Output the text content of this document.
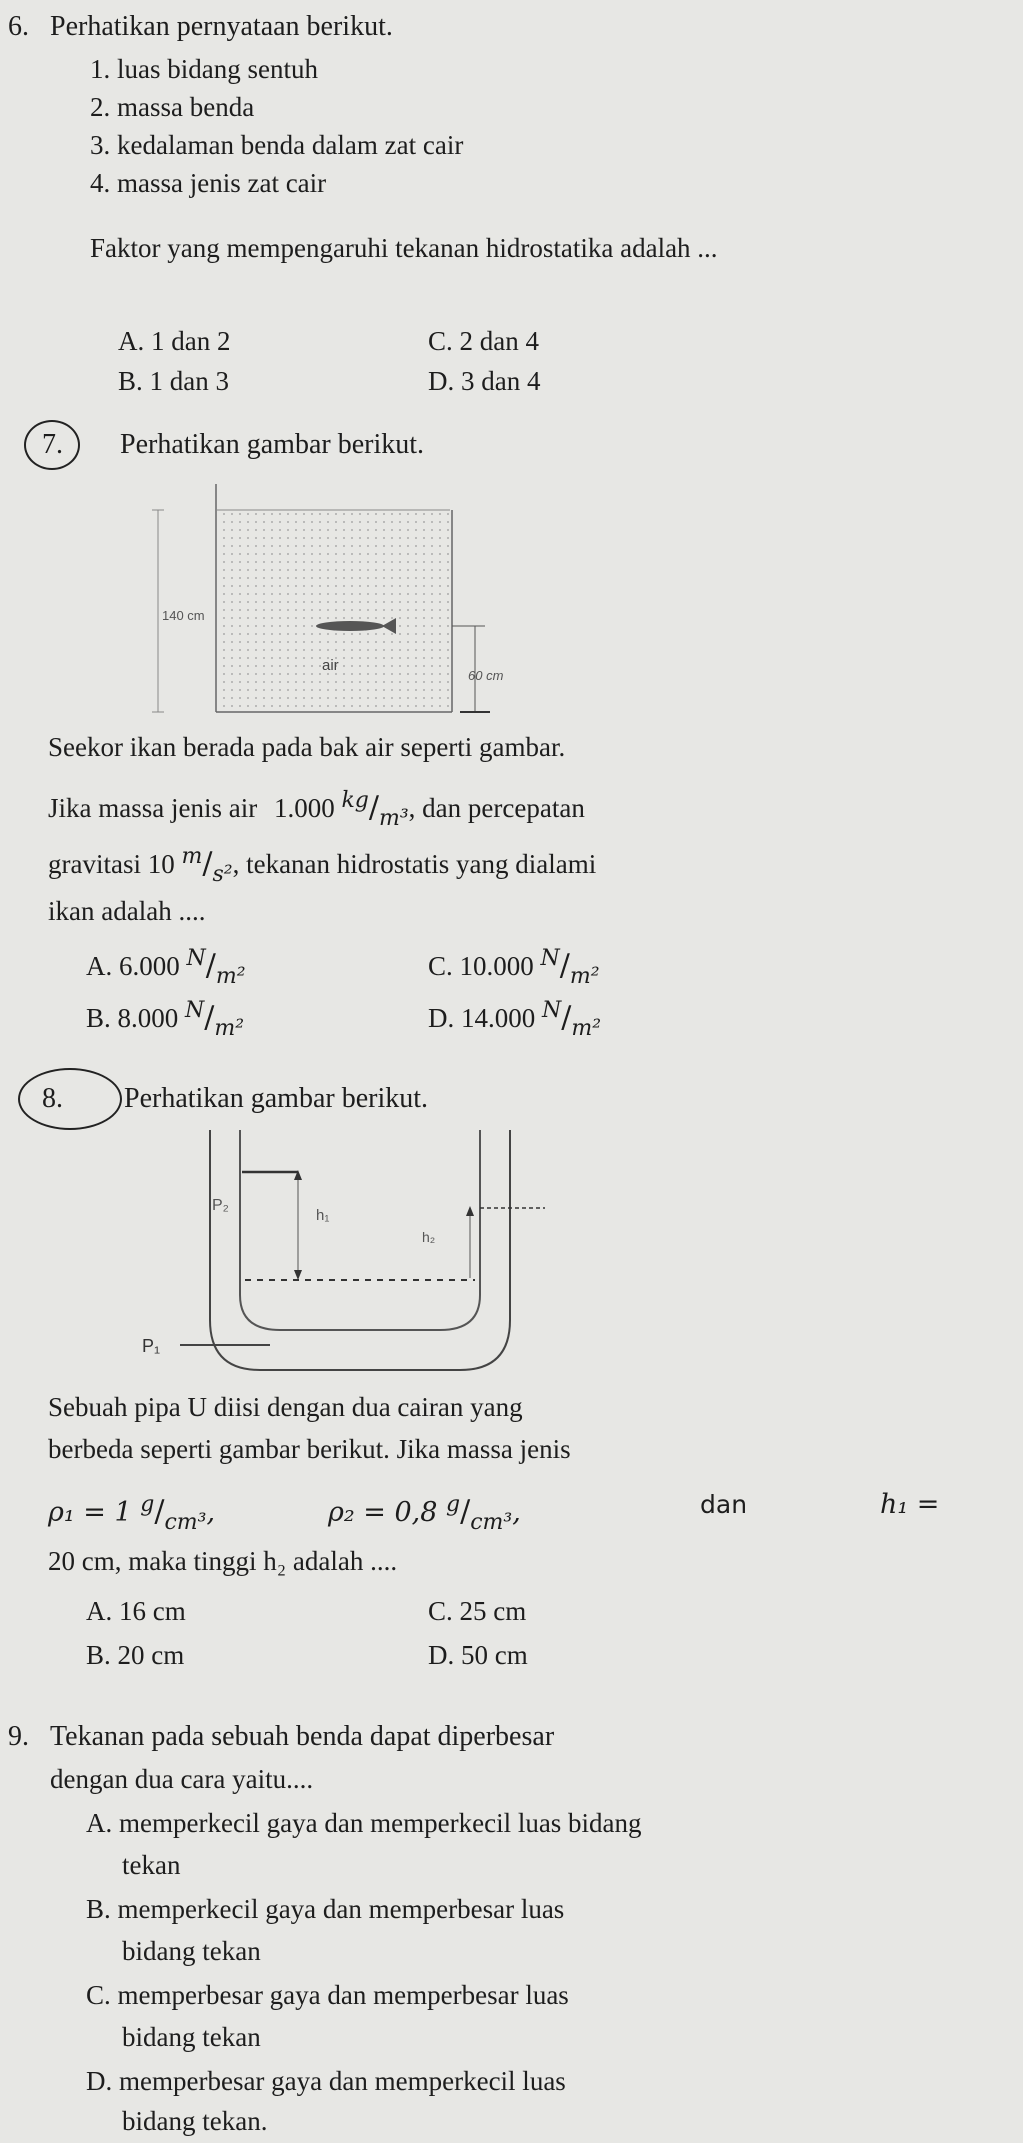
6. Perhatikan pernyataan berikut.
1. luas bidang sentuh
2. massa benda
3. kedalaman benda dalam zat cair
4. massa jenis zat cair
Faktor yang mempengaruhi tekanan hidrostatika adalah ...
A. 1 dan 2	C. 2 dan 4
B. 1 dan 3	D. 3 dan 4
7. Perhatikan gambar berikut.
140 cm
air
60 cm
Seekor ikan berada pada bak air seperti gambar.
Jika massa jenis air 1.000 $^{kg}/_{m^3}$, dan percepatan
gravitasi 10 $^m/_{s^2}$, tekanan hidrostatis yang dialami
ikan adalah ....
A. 6.000 $^N/_{m^2}$	C. 10.000 $^N/_{m^2}$
B. 8.000 $^N/_{m^2}$	D. 14.000 $^N/_{m^2}$
8. Perhatikan gambar berikut.
P₂
h₁
h₂
P₁
Sebuah pipa U diisi dengan dua cairan yang
berbeda seperti gambar berikut. Jika massa jenis
ρ₁ = 1 $^g/_{cm^3}$,	ρ₂ = 0,8 $^g/_{cm^3}$,	dan	h₁ =
20 cm, maka tinggi h₂ adalah ....
A. 16 cm	C. 25 cm
B. 20 cm	D. 50 cm
9. Tekanan pada sebuah benda dapat diperbesar
dengan dua cara yaitu....
A. memperkecil gaya dan memperkecil luas bidang
tekan
B. memperkecil gaya dan memperbesar luas
bidang tekan
C. memperbesar gaya dan memperbesar luas
bidang tekan
D. memperbesar gaya dan memperkecil luas
bidang tekan.
